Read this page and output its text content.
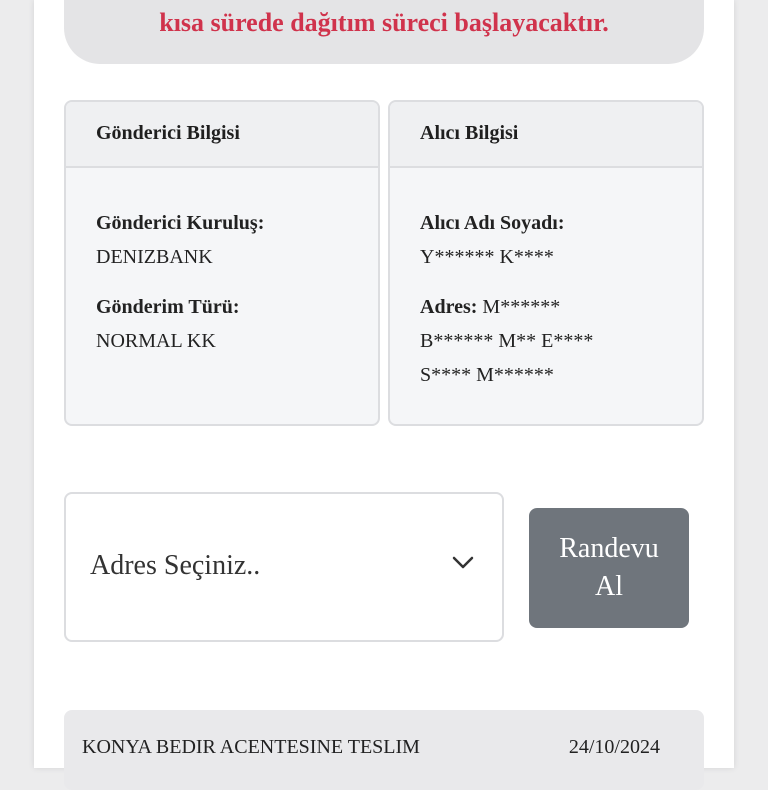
kısa sürede dağıtım süreci başlayacaktır.
Gönderici Bilgisi
Gönderici Kuruluş:
DENIZBANK
Gönderim Türü:
NORMAL KK
Alıcı Bilgisi
Alıcı Adı Soyadı:
Y****** K****
Adres: M******
B****** M** E****
S**** M******
Adres Seçiniz..
Randevu
Al
KONYA BEDIR ACENTESINE TESLIM	24/10/2024
